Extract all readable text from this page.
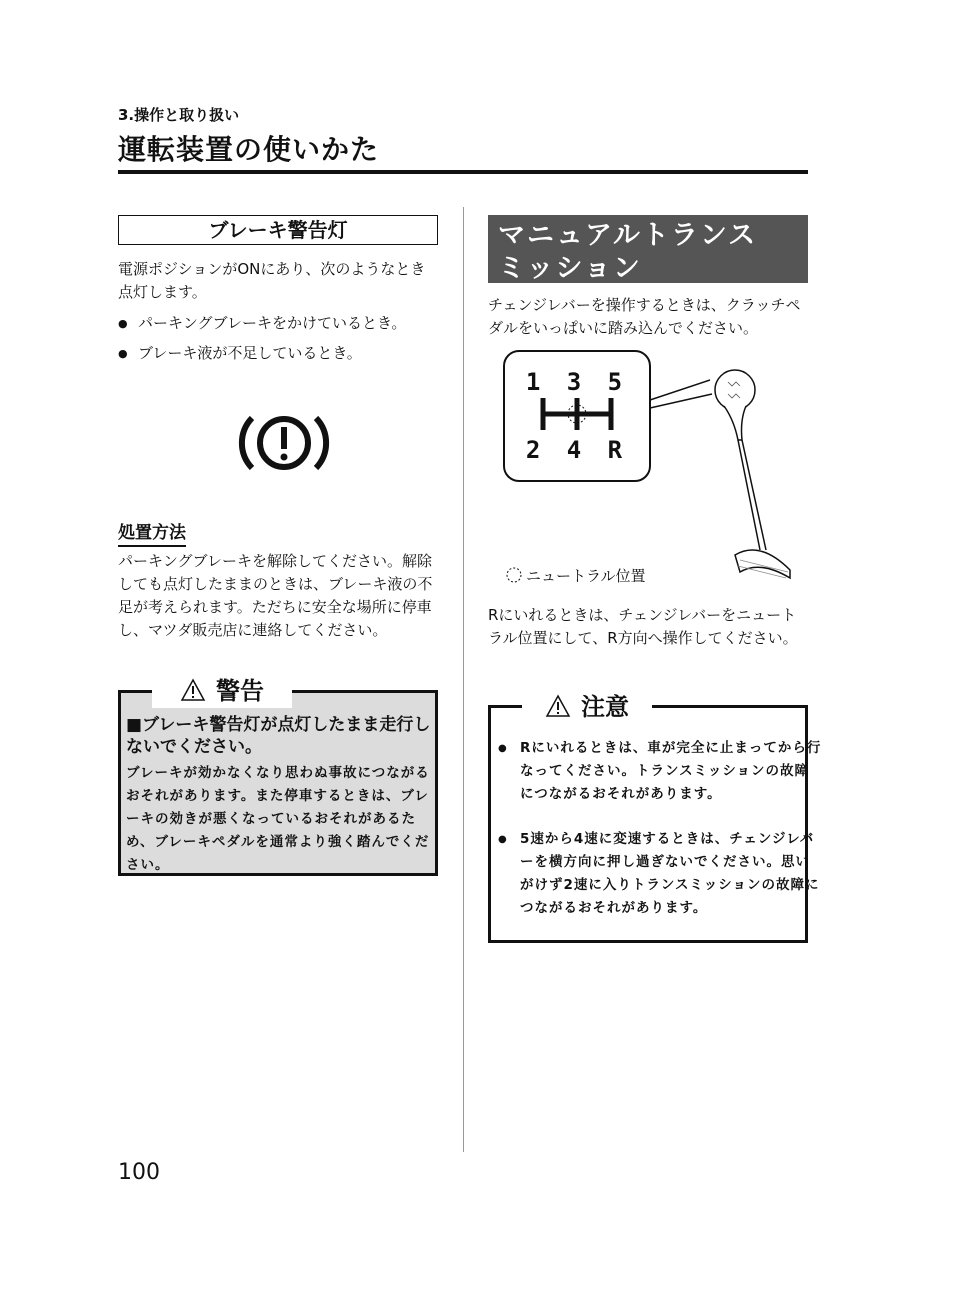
3.操作と取り扱い
運転装置の使いかた
ブレーキ警告灯
電源ポジションがONにあり、次のようなとき点灯します。
● パーキングブレーキをかけているとき。
● ブレーキ液が不足しているとき。
処置方法
パーキングブレーキを解除してください。解除しても点灯したままのときは、ブレーキ液の不足が考えられます。ただちに安全な場所に停車し、マツダ販売店に連絡してください。
警告
■ブレーキ警告灯が点灯したまま走行しないでください。
ブレーキが効かなくなり思わぬ事故につながるおそれがあります。また停車するときは、ブレーキの効きが悪くなっているおそれがあるため、ブレーキペダルを通常より強く踏んでください。
マニュアルトランス
ミッション
チェンジレバーを操作するときは、クラッチペダルをいっぱいに踏み込んでください。
1 3 5
2 4 R
ニュートラル位置
Rにいれるときは、チェンジレバーをニュートラル位置にして、R方向へ操作してください。
注意
● Rにいれるときは、車が完全に止まってから行なってください。トランスミッションの故障につながるおそれがあります。
● 5速から4速に変速するときは、チェンジレバーを横方向に押し過ぎないでください。思いがけず2速に入りトランスミッションの故障につながるおそれがあります。
100
